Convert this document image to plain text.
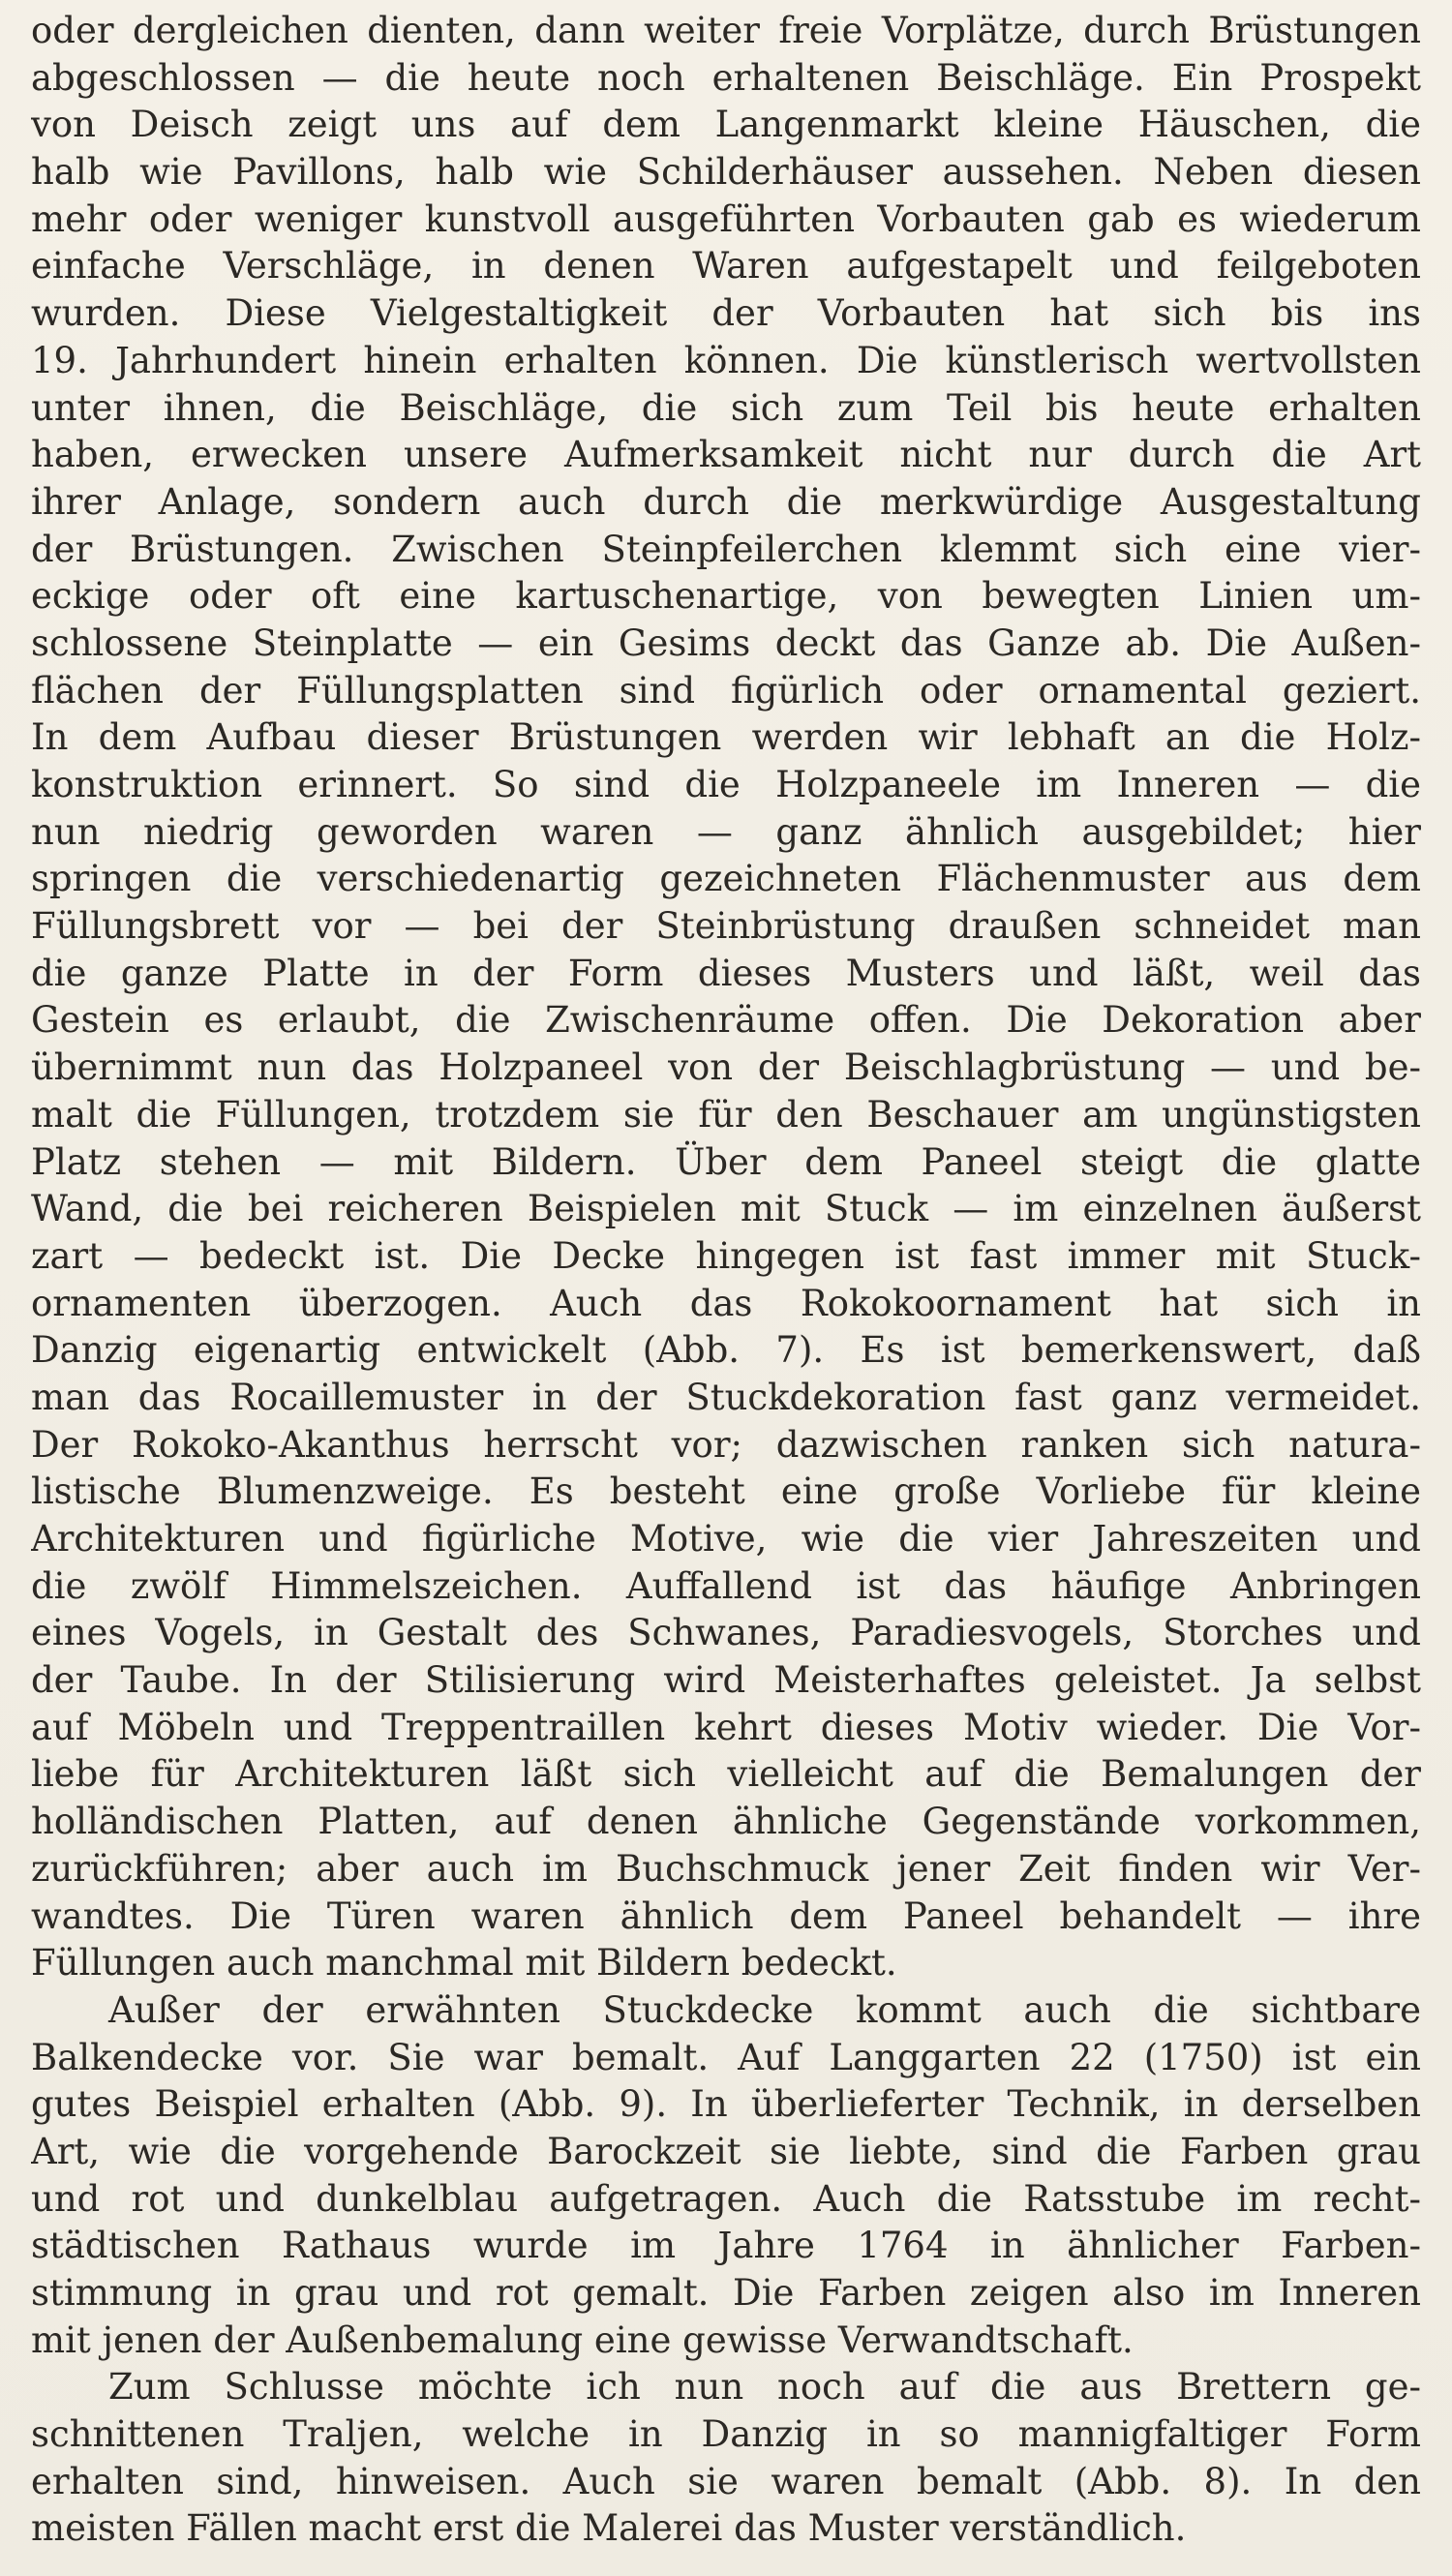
oder dergleichen dienten, dann weiter freie Vorplätze, durch Brüstungen
abgeschlossen — die heute noch erhaltenen Beischläge. Ein Prospekt
von Deisch zeigt uns auf dem Langenmarkt kleine Häuschen, die
halb wie Pavillons, halb wie Schilderhäuser aussehen. Neben diesen
mehr oder weniger kunstvoll ausgeführten Vorbauten gab es wiederum
einfache Verschläge, in denen Waren aufgestapelt und feilgeboten
wurden. Diese Vielgestaltigkeit der Vorbauten hat sich bis ins
19. Jahrhundert hinein erhalten können. Die künstlerisch wertvollsten
unter ihnen, die Beischläge, die sich zum Teil bis heute erhalten
haben, erwecken unsere Aufmerksamkeit nicht nur durch die Art
ihrer Anlage, sondern auch durch die merkwürdige Ausgestaltung
der Brüstungen. Zwischen Steinpfeilerchen klemmt sich eine vier-
eckige oder oft eine kartuschenartige, von bewegten Linien um-
schlossene Steinplatte — ein Gesims deckt das Ganze ab. Die Außen-
flächen der Füllungsplatten sind figürlich oder ornamental geziert.
In dem Aufbau dieser Brüstungen werden wir lebhaft an die Holz-
konstruktion erinnert. So sind die Holzpaneele im Inneren — die
nun niedrig geworden waren — ganz ähnlich ausgebildet; hier
springen die verschiedenartig gezeichneten Flächenmuster aus dem
Füllungsbrett vor — bei der Steinbrüstung draußen schneidet man
die ganze Platte in der Form dieses Musters und läßt, weil das
Gestein es erlaubt, die Zwischenräume offen. Die Dekoration aber
übernimmt nun das Holzpaneel von der Beischlagbrüstung — und be-
malt die Füllungen, trotzdem sie für den Beschauer am ungünstigsten
Platz stehen — mit Bildern. Über dem Paneel steigt die glatte
Wand, die bei reicheren Beispielen mit Stuck — im einzelnen äußerst
zart — bedeckt ist. Die Decke hingegen ist fast immer mit Stuck-
ornamenten überzogen. Auch das Rokokoornament hat sich in
Danzig eigenartig entwickelt (Abb. 7). Es ist bemerkenswert, daß
man das Rocaillemuster in der Stuckdekoration fast ganz vermeidet.
Der Rokoko-Akanthus herrscht vor; dazwischen ranken sich natura-
listische Blumenzweige. Es besteht eine große Vorliebe für kleine
Architekturen und figürliche Motive, wie die vier Jahreszeiten und
die zwölf Himmelszeichen. Auffallend ist das häufige Anbringen
eines Vogels, in Gestalt des Schwanes, Paradiesvogels, Storches und
der Taube. In der Stilisierung wird Meisterhaftes geleistet. Ja selbst
auf Möbeln und Treppentraillen kehrt dieses Motiv wieder. Die Vor-
liebe für Architekturen läßt sich vielleicht auf die Bemalungen der
holländischen Platten, auf denen ähnliche Gegenstände vorkommen,
zurückführen; aber auch im Buchschmuck jener Zeit finden wir Ver-
wandtes. Die Türen waren ähnlich dem Paneel behandelt — ihre
Füllungen auch manchmal mit Bildern bedeckt.
Außer der erwähnten Stuckdecke kommt auch die sichtbare
Balkendecke vor. Sie war bemalt. Auf Langgarten 22 (1750) ist ein
gutes Beispiel erhalten (Abb. 9). In überlieferter Technik, in derselben
Art, wie die vorgehende Barockzeit sie liebte, sind die Farben grau
und rot und dunkelblau aufgetragen. Auch die Ratsstube im recht-
städtischen Rathaus wurde im Jahre 1764 in ähnlicher Farben-
stimmung in grau und rot gemalt. Die Farben zeigen also im Inneren
mit jenen der Außenbemalung eine gewisse Verwandtschaft.
Zum Schlusse möchte ich nun noch auf die aus Brettern ge-
schnittenen Traljen, welche in Danzig in so mannigfaltiger Form
erhalten sind, hinweisen. Auch sie waren bemalt (Abb. 8). In den
meisten Fällen macht erst die Malerei das Muster verständlich.
